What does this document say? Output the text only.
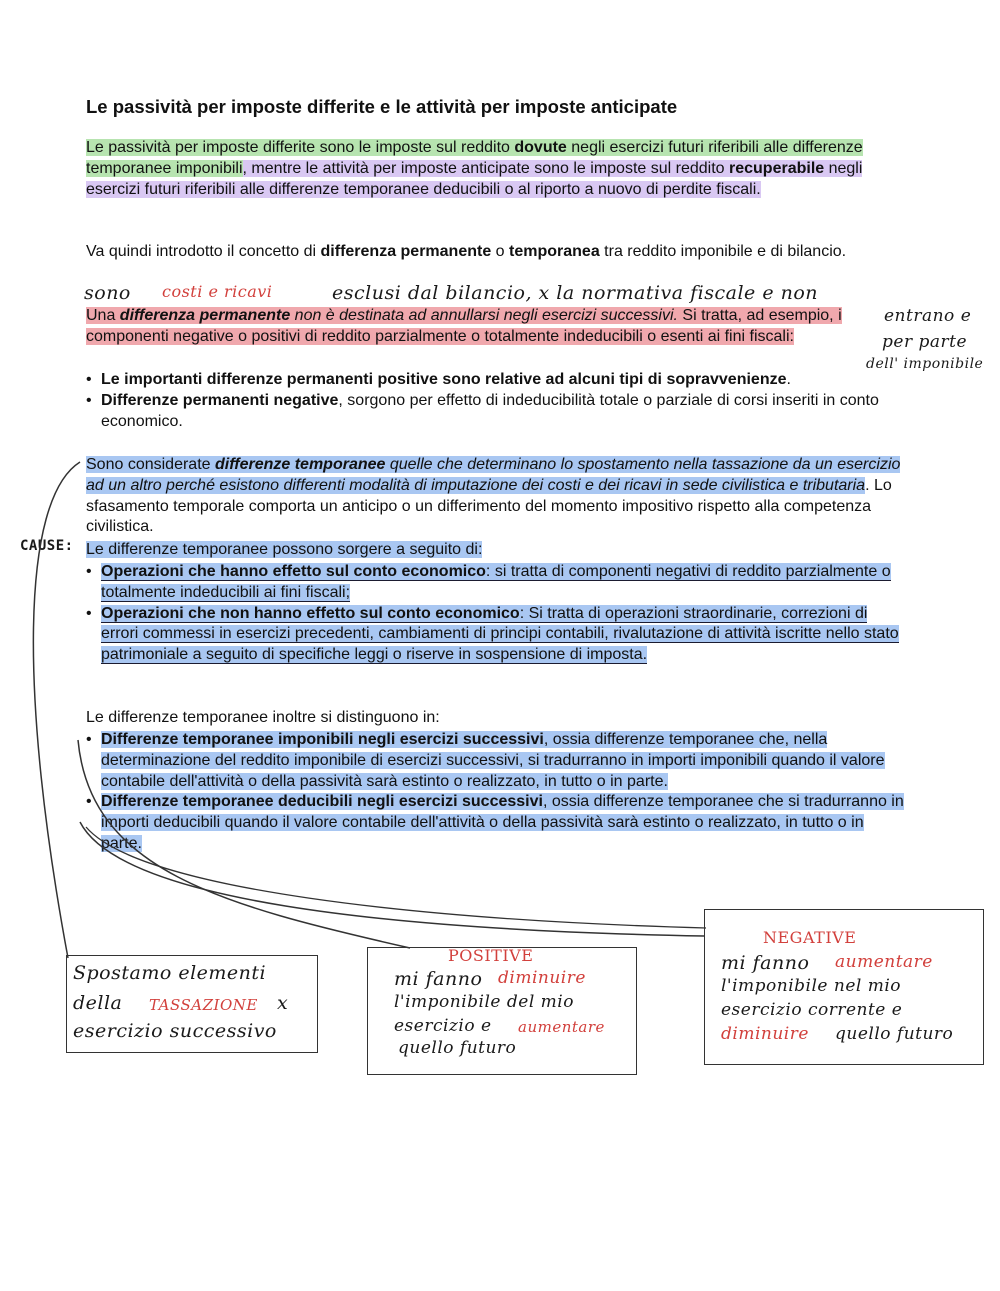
Le passività per imposte differite e le attività per imposte anticipate
Le passività per imposte differite sono le imposte sul reddito dovute negli esercizi futuri riferibili alle differenze temporanee imponibili, mentre le attività per imposte anticipate sono le imposte sul reddito recuperabile negli esercizi futuri riferibili alle differenze temporanee deducibili o al riporto a nuovo di perdite fiscali.
Va quindi introdotto il concetto di differenza permanente o temporanea tra reddito imponibile e di bilancio.
sono costi e ricavi	esclusi dal bilancio, x la normativa fiscale e non
Una differenza permanente non è destinata ad annullarsi negli esercizi successivi. Si tratta, ad esempio, i componenti negative o positivi di reddito parzialmente o totalmente indeducibili o esenti ai fini fiscali:
entrano e
per parte
dell' imponibile
• Le importanti differenze permanenti positive sono relative ad alcuni tipi di sopravvenienze.
• Differenze permanenti negative, sorgono per effetto di indeducibilità totale o parziale di corsi inseriti in conto economico.
Sono considerate differenze temporanee quelle che determinano lo spostamento nella tassazione da un esercizio ad un altro perché esistono differenti modalità di imputazione dei costi e dei ricavi in sede civilistica e tributaria. Lo sfasamento temporale comporta un anticipo o un differimento del momento impositivo rispetto alla competenza civilistica.
CAUSE: Le differenze temporanee possono sorgere a seguito di:
• Operazioni che hanno effetto sul conto economico: si tratta di componenti negativi di reddito parzialmente o totalmente indeducibili ai fini fiscali;
• Operazioni che non hanno effetto sul conto economico: Si tratta di operazioni straordinarie, correzioni di errori commessi in esercizi precedenti, cambiamenti di principi contabili, rivalutazione di attività iscritte nello stato patrimoniale a seguito di specifiche leggi o riserve in sospensione di imposta.
Le differenze temporanee inoltre si distinguono in:
• Differenze temporanee imponibili negli esercizi successivi, ossia differenze temporanee che, nella determinazione del reddito imponibile di esercizi successivi, si tradurranno in importi imponibili quando il valore contabile dell'attività o della passività sarà estinto o realizzato, in tutto o in parte.
• Differenze temporanee deducibili negli esercizi successivi, ossia differenze temporanee che si tradurranno in importi deducibili quando il valore contabile dell'attività o della passività sarà estinto o realizzato, in tutto o in parte.
Spostamo elementi
della TASSAZIONE x
esercizio successivo
POSITIVE
mi fanno diminuire
l'imponibile del mio
esercizio e aumentare
quello futuro
NEGATIVE
mi fanno aumentare
l'imponibile nel mio
esercizio corrente e
diminuire quello futuro
